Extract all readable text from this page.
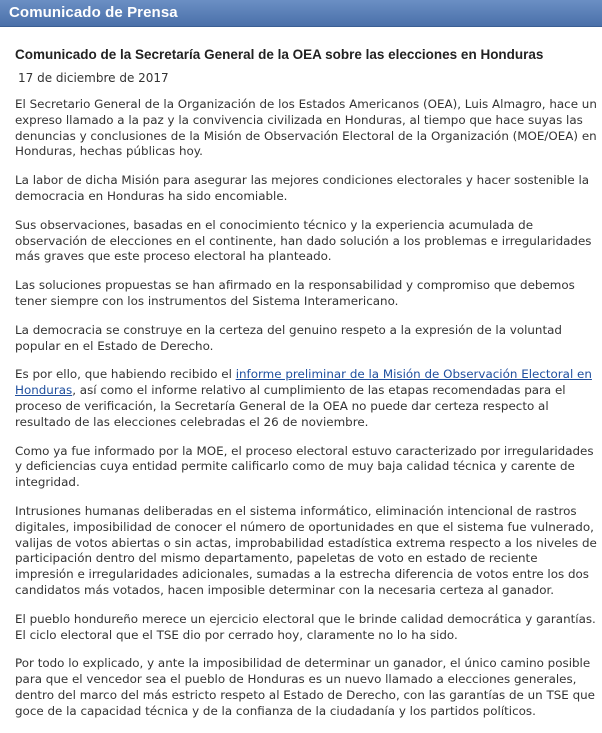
Comunicado de Prensa
Comunicado de la Secretaría General de la OEA sobre las elecciones en Honduras
17 de diciembre de 2017

El Secretario General de la Organización de los Estados Americanos (OEA), Luis Almagro, hace un expreso llamado a la paz y la convivencia civilizada en Honduras, al tiempo que hace suyas las denuncias y conclusiones de la Misión de Observación Electoral de la Organización (MOE/OEA) en Honduras, hechas públicas hoy.

La labor de dicha Misión para asegurar las mejores condiciones electorales y hacer sostenible la democracia en Honduras ha sido encomiable.

Sus observaciones, basadas en el conocimiento técnico y la experiencia acumulada de observación de elecciones en el continente, han dado solución a los problemas e irregularidades más graves que este proceso electoral ha planteado.

Las soluciones propuestas se han afirmado en la responsabilidad y compromiso que debemos tener siempre con los instrumentos del Sistema Interamericano.

La democracia se construye en la certeza del genuino respeto a la expresión de la voluntad popular en el Estado de Derecho.

Es por ello, que habiendo recibido el informe preliminar de la Misión de Observación Electoral en Honduras, así como el informe relativo al cumplimiento de las etapas recomendadas para el proceso de verificación, la Secretaría General de la OEA no puede dar certeza respecto al resultado de las elecciones celebradas el 26 de noviembre.

Como ya fue informado por la MOE, el proceso electoral estuvo caracterizado por irregularidades y deficiencias cuya entidad permite calificarlo como de muy baja calidad técnica y carente de integridad.

Intrusiones humanas deliberadas en el sistema informático, eliminación intencional de rastros digitales, imposibilidad de conocer el número de oportunidades en que el sistema fue vulnerado, valijas de votos abiertas o sin actas, improbabilidad estadística extrema respecto a los niveles de participación dentro del mismo departamento, papeletas de voto en estado de reciente impresión e irregularidades adicionales, sumadas a la estrecha diferencia de votos entre los dos candidatos más votados, hacen imposible determinar con la necesaria certeza al ganador.

El pueblo hondureño merece un ejercicio electoral que le brinde calidad democrática y garantías. El ciclo electoral que el TSE dio por cerrado hoy, claramente no lo ha sido.

Por todo lo explicado, y ante la imposibilidad de determinar un ganador, el único camino posible para que el vencedor sea el pueblo de Honduras es un nuevo llamado a elecciones generales, dentro del marco del más estricto respeto al Estado de Derecho, con las garantías de un TSE que goce de la capacidad técnica y de la confianza de la ciudadanía y los partidos políticos.
